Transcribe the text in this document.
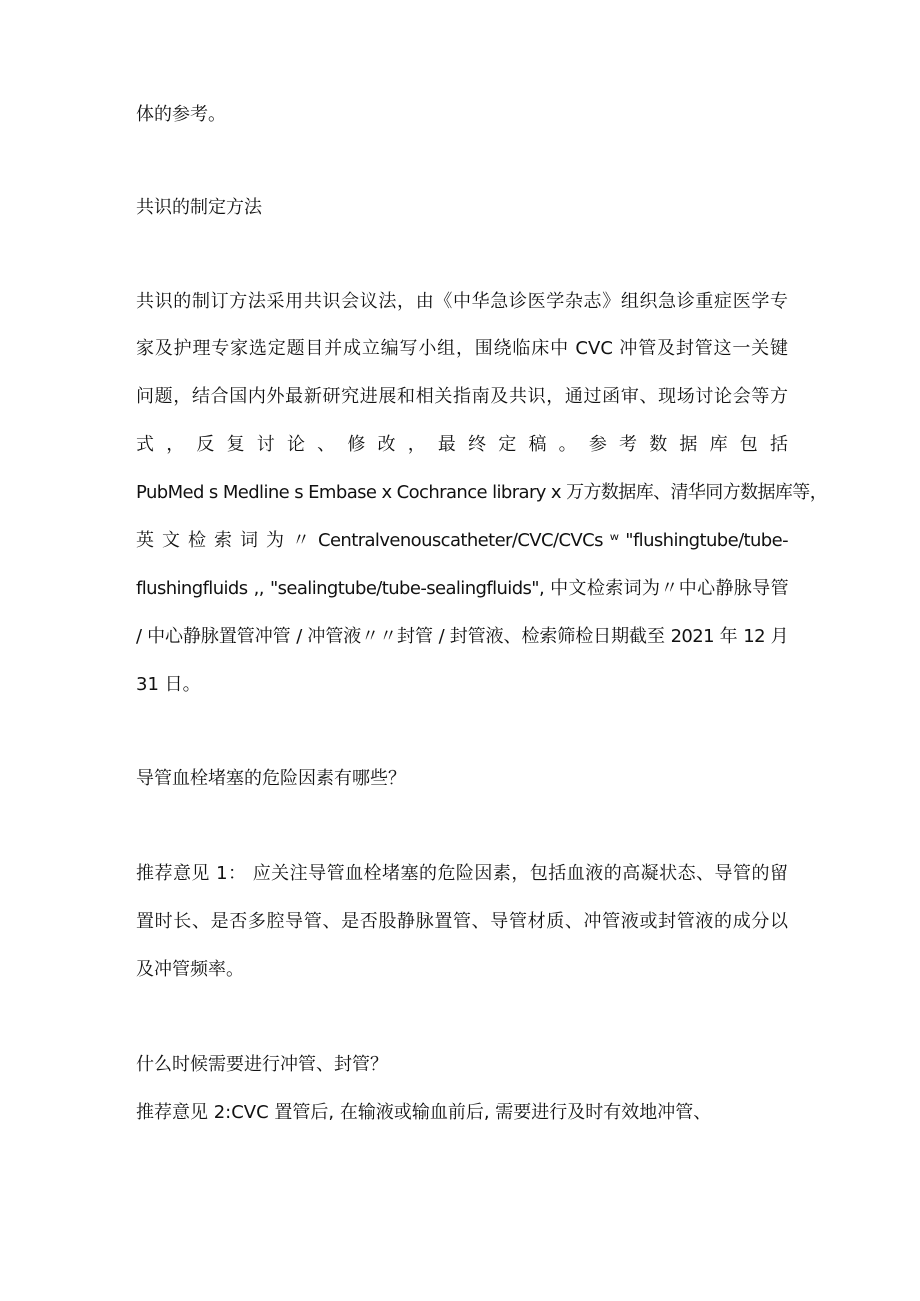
体的参考。
共识的制定方法
共识的制订方法采用共识会议法，由《中华急诊医学杂志》组织急诊重症医学专
家及护理专家选定题目并成立编写小组，围绕临床中 CVC 冲管及封管这一关键
问题，结合国内外最新研究进展和相关指南及共识，通过函审、现场讨论会等方
式 ， 反 复 讨 论 、 修 改 ， 最 终 定 稿 。 参 考 数 据 库 包 括
PubMed s Medline s Embase x Cochrance library x 万方数据库、清华同方数据库等，
英 文 检 索 词 为 〃 Centralvenouscatheter∕CVC∕CVCs ʷ "flushingtube/tube-
flushingfluids ,, "sealingtube/tube-sealingfluids", 中文检索词为〃中心静脉导管
/ 中心静脉置管冲管 / 冲管液〃〃封管 / 封管液、检索筛检日期截至 2021 年 12 月
31 日。
导管血栓堵塞的危险因素有哪些？
推荐意见 1： 应关注导管血栓堵塞的危险因素，包括血液的高凝状态、导管的留
置时长、是否多腔导管、是否股静脉置管、导管材质、冲管液或封管液的成分以
及冲管频率。
什么时候需要进行冲管、封管？
推荐意见 2:CVC 置管后, 在输液或输血前后, 需要进行及时有效地冲管、
